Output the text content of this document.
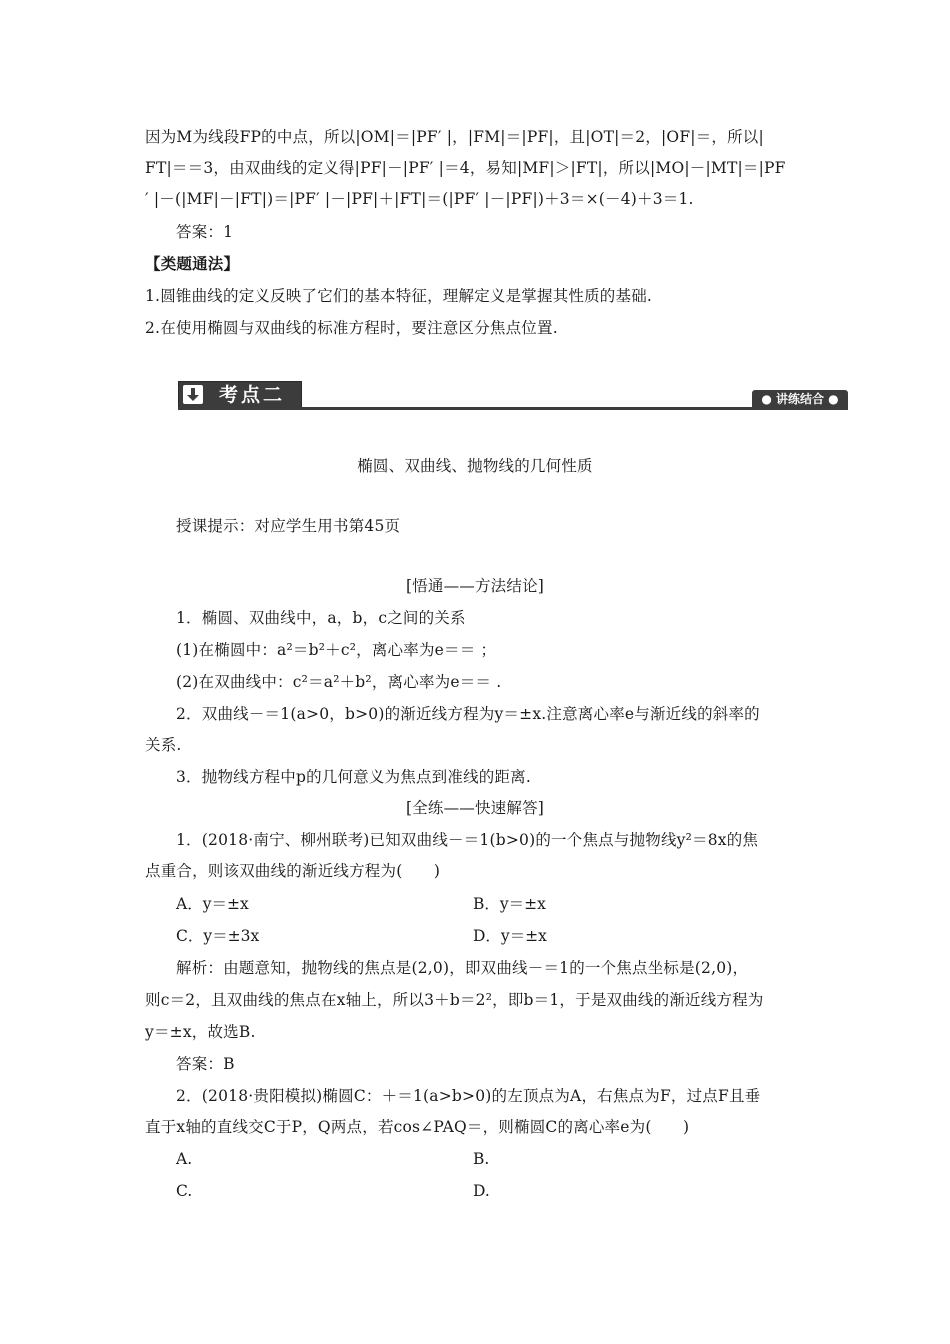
因为M为线段FP的中点，所以|OM|＝|PF′ |，|FM|＝|PF|，且|OT|＝2，|OF|＝，所以|
FT|＝＝3，由双曲线的定义得|PF|－|PF′ |＝4，易知|MF|＞|FT|，所以|MO|－|MT|＝|PF
′ |－(|MF|－|FT|)＝|PF′ |－|PF|＋|FT|＝(|PF′ |－|PF|)＋3＝×(－4)＋3＝1.
答案：1
【类题通法】
1.圆锥曲线的定义反映了它们的基本特征，理解定义是掌握其性质的基础.
2.在使用椭圆与双曲线的标准方程时，要注意区分焦点位置.
考点二	● 讲练结合 ●
椭圆、双曲线、抛物线的几何性质
授课提示：对应学生用书第45页
[悟通——方法结论]
1．椭圆、双曲线中，a，b，c之间的关系
(1)在椭圆中：a²＝b²＋c²，离心率为e＝＝ ；
(2)在双曲线中：c²＝a²＋b²，离心率为e＝＝ .
2．双曲线－＝1(a>0，b>0)的渐近线方程为y＝±x.注意离心率e与渐近线的斜率的
关系.
3．抛物线方程中p的几何意义为焦点到准线的距离.
[全练——快速解答]
1．(2018·南宁、柳州联考)已知双曲线－＝1(b>0)的一个焦点与抛物线y²＝8x的焦
点重合，则该双曲线的渐近线方程为(　　)
A．y＝±x	B．y＝±x
C．y＝±3x	D．y＝±x
解析：由题意知，抛物线的焦点是(2,0)，即双曲线－＝1的一个焦点坐标是(2,0)，
则c＝2，且双曲线的焦点在x轴上，所以3＋b＝2²，即b＝1，于是双曲线的渐近线方程为
y＝±x，故选B.
答案：B
2．(2018·贵阳模拟)椭圆C：＋＝1(a>b>0)的左顶点为A，右焦点为F，过点F且垂
直于x轴的直线交C于P，Q两点，若cos∠PAQ＝，则椭圆C的离心率e为(　　)
A.	B.
C.	D.
